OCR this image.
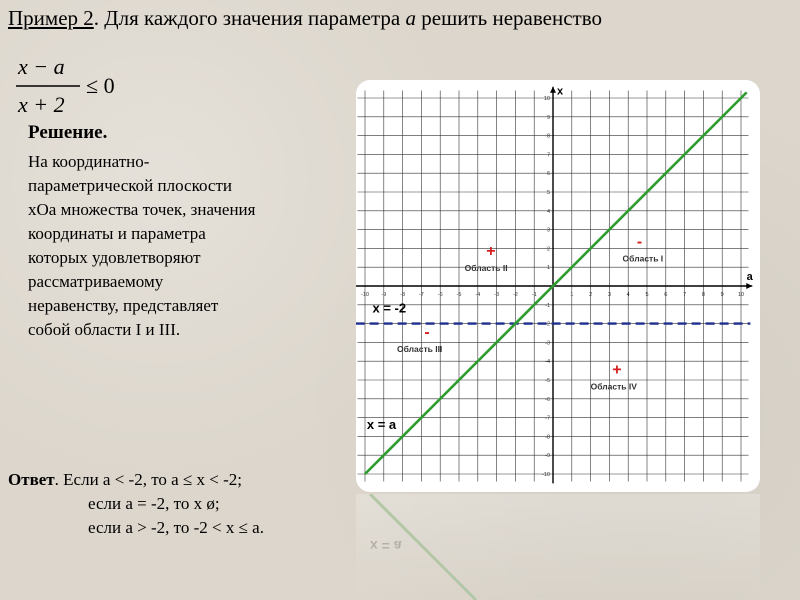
Пример 2. Для каждого значения параметра a решить неравенство
x − a
x + 2
≤ 0
Решение.
На координатно-
параметрической плоскости
xOa множества точек, значения
координаты и параметра
которых удовлетворяют
рассматриваемому
неравенству, представляет
собой области I и III.
Ответ. Если a < -2, то a ≤ x < -2;
если a = -2, то x ø;
если a > -2, то -2 < x ≤ a.
a
x
-10
-10
-9
-9
-8
-8
-7
-7
-6
-6
-5
-5
-4
-4
-3
-3
-2
-2
-1
-1
1
1
2
2
3
3
4
4
5
5
6
6
7
7
8
8
9
9
10
10
x = -2
x = a
-
Область I
+
Область II
-
Область III
+
Область IV
x = a
